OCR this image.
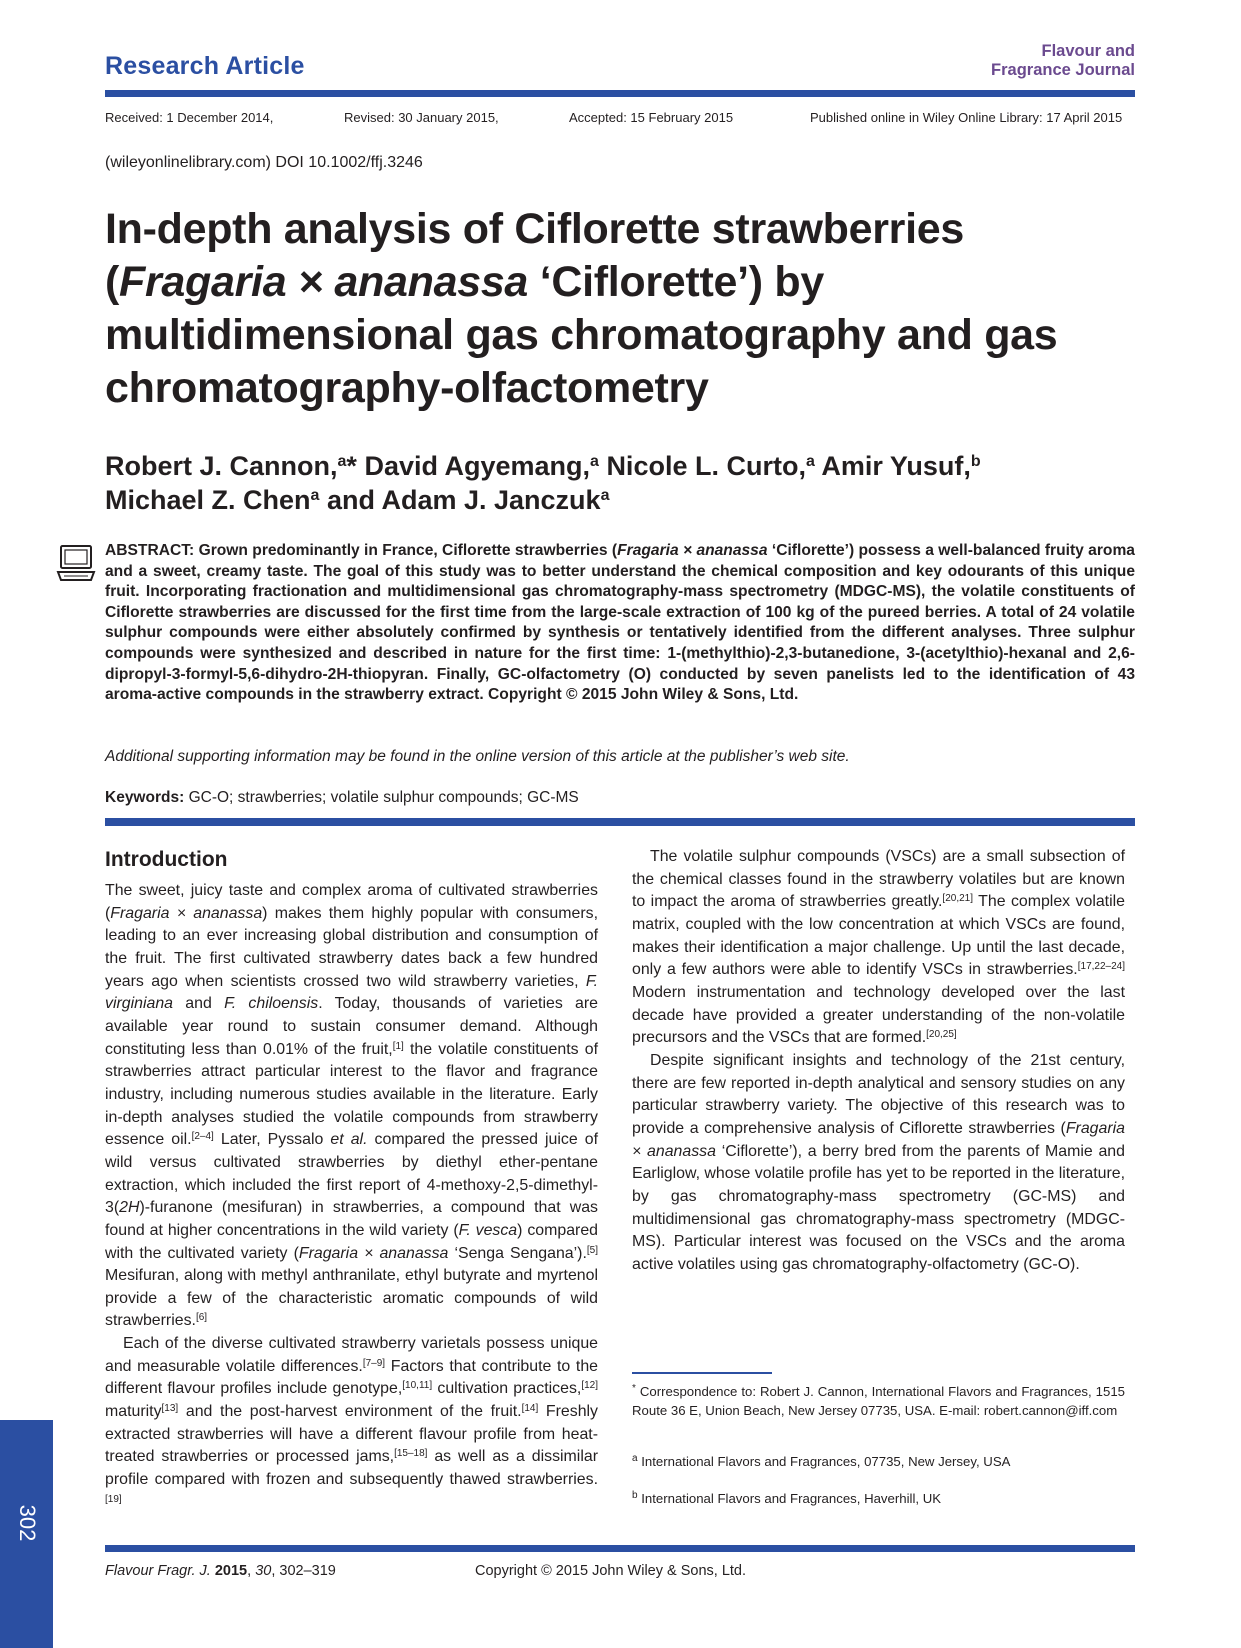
Research Article
Flavour and
Fragrance Journal
Received: 1 December 2014,	Revised: 30 January 2015,	Accepted: 15 February 2015	Published online in Wiley Online Library: 17 April 2015
(wileyonlinelibrary.com) DOI 10.1002/ffj.3246
In-depth analysis of Ciflorette strawberries (Fragaria × ananassa ‘Ciflorette’) by multidimensional gas chromatography and gas chromatography-olfactometry
Robert J. Cannon,$^a$* David Agyemang,$^a$ Nicole L. Curto,$^a$ Amir Yusuf,$^b$
Michael Z. Chen$^a$ and Adam J. Janczuk$^a$
ABSTRACT: Grown predominantly in France, Ciflorette strawberries (Fragaria × ananassa ‘Ciflorette’) possess a well-balanced fruity aroma and a sweet, creamy taste. The goal of this study was to better understand the chemical composition and key odourants of this unique fruit. Incorporating fractionation and multidimensional gas chromatography-mass spectrometry (MDGC-MS), the volatile constituents of Ciflorette strawberries are discussed for the first time from the large-scale extraction of 100 kg of the pureed berries. A total of 24 volatile sulphur compounds were either absolutely confirmed by synthesis or tentatively identified from the different analyses. Three sulphur compounds were synthesized and described in nature for the first time: 1-(methylthio)-2,3-butanedione, 3-(acetylthio)-hexanal and 2,6-dipropyl-3-formyl-5,6-dihydro-2H-thiopyran. Finally, GC-olfactometry (O) conducted by seven panelists led to the identification of 43 aroma-active compounds in the strawberry extract. Copyright © 2015 John Wiley & Sons, Ltd.
Additional supporting information may be found in the online version of this article at the publisher’s web site.
Keywords: GC-O; strawberries; volatile sulphur compounds; GC-MS
Introduction

The sweet, juicy taste and complex aroma of cultivated strawberries (Fragaria × ananassa) makes them highly popular with consumers, leading to an ever increasing global distribution and consumption of the fruit. The first cultivated strawberry dates back a few hundred years ago when scientists crossed two wild strawberry varieties, F. virginiana and F. chiloensis. Today, thousands of varieties are available year round to sustain consumer demand. Although constituting less than 0.01% of the fruit,[1] the volatile constituents of strawberries attract particular interest to the flavor and fragrance industry, including numerous studies available in the literature. Early in-depth analyses studied the volatile compounds from strawberry essence oil.[2–4] Later, Pyssalo et al. compared the pressed juice of wild versus cultivated strawberries by diethyl ether-pentane extraction, which included the first report of 4-methoxy-2,5-dimethyl-3(2H)-furanone (mesifuran) in strawberries, a compound that was found at higher concentrations in the wild variety (F. vesca) compared with the cultivated variety (Fragaria × ananassa ‘Senga Sengana’).[5] Mesifuran, along with methyl anthranilate, ethyl butyrate and myrtenol provide a few of the characteristic aromatic compounds of wild strawberries.[6]

Each of the diverse cultivated strawberry varietals possess unique and measurable volatile differences.[7–9] Factors that contribute to the different flavour profiles include genotype,[10,11] cultivation practices,[12] maturity[13] and the post-harvest environment of the fruit.[14] Freshly extracted strawberries will have a different flavour profile from heat-treated strawberries or processed jams,[15–18] as well as a dissimilar profile compared with frozen and subsequently thawed strawberries.[19]

The volatile sulphur compounds (VSCs) are a small subsection of the chemical classes found in the strawberry volatiles but are known to impact the aroma of strawberries greatly.[20,21] The complex volatile matrix, coupled with the low concentration at which VSCs are found, makes their identification a major challenge. Up until the last decade, only a few authors were able to identify VSCs in strawberries.[17,22–24] Modern instrumentation and technology developed over the last decade have provided a greater understanding of the non-volatile precursors and the VSCs that are formed.[20,25]

Despite significant insights and technology of the 21st century, there are few reported in-depth analytical and sensory studies on any particular strawberry variety. The objective of this research was to provide a comprehensive analysis of Ciflorette strawberries (Fragaria × ananassa ‘Ciflorette’), a berry bred from the parents of Mamie and Earliglow, whose volatile profile has yet to be reported in the literature, by gas chromatography-mass spectrometry (GC-MS) and multidimensional gas chromatography-mass spectrometry (MDGC-MS). Particular interest was focused on the VSCs and the aroma active volatiles using gas chromatography-olfactometry (GC-O).

* Correspondence to: Robert J. Cannon, International Flavors and Fragrances, 1515 Route 36 E, Union Beach, New Jersey 07735, USA. E-mail: robert.cannon@iff.com
$^a$ International Flavors and Fragrances, 07735, New Jersey, USA
$^b$ International Flavors and Fragrances, Haverhill, UK
302
Flavour Fragr. J. 2015, 30, 302–319	Copyright © 2015 John Wiley & Sons, Ltd.
